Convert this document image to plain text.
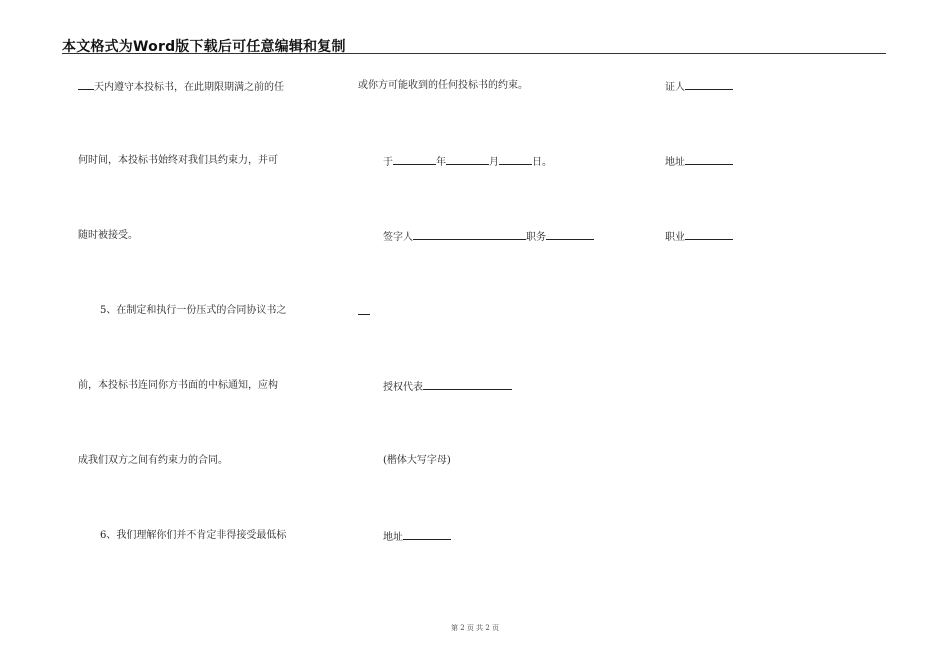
本文格式为Word版下载后可任意编辑和复制
天内遵守本投标书，在此期限期满之前的任
何时间，本投标书始终对我们具约束力，并可
随时被接受。
5、在制定和执行一份压式的合同协议书之
前，本投标书连同你方书面的中标通知，应构
成我们双方之间有约束力的合同。
6、我们理解你们并不肯定非得接受最低标
或你方可能收到的任何投标书的约束。
于	年	月	日。
签字人	职务
授权代表
(楷体大写字母)
地址
证人
地址
职业
第 2 页 共 2 页
